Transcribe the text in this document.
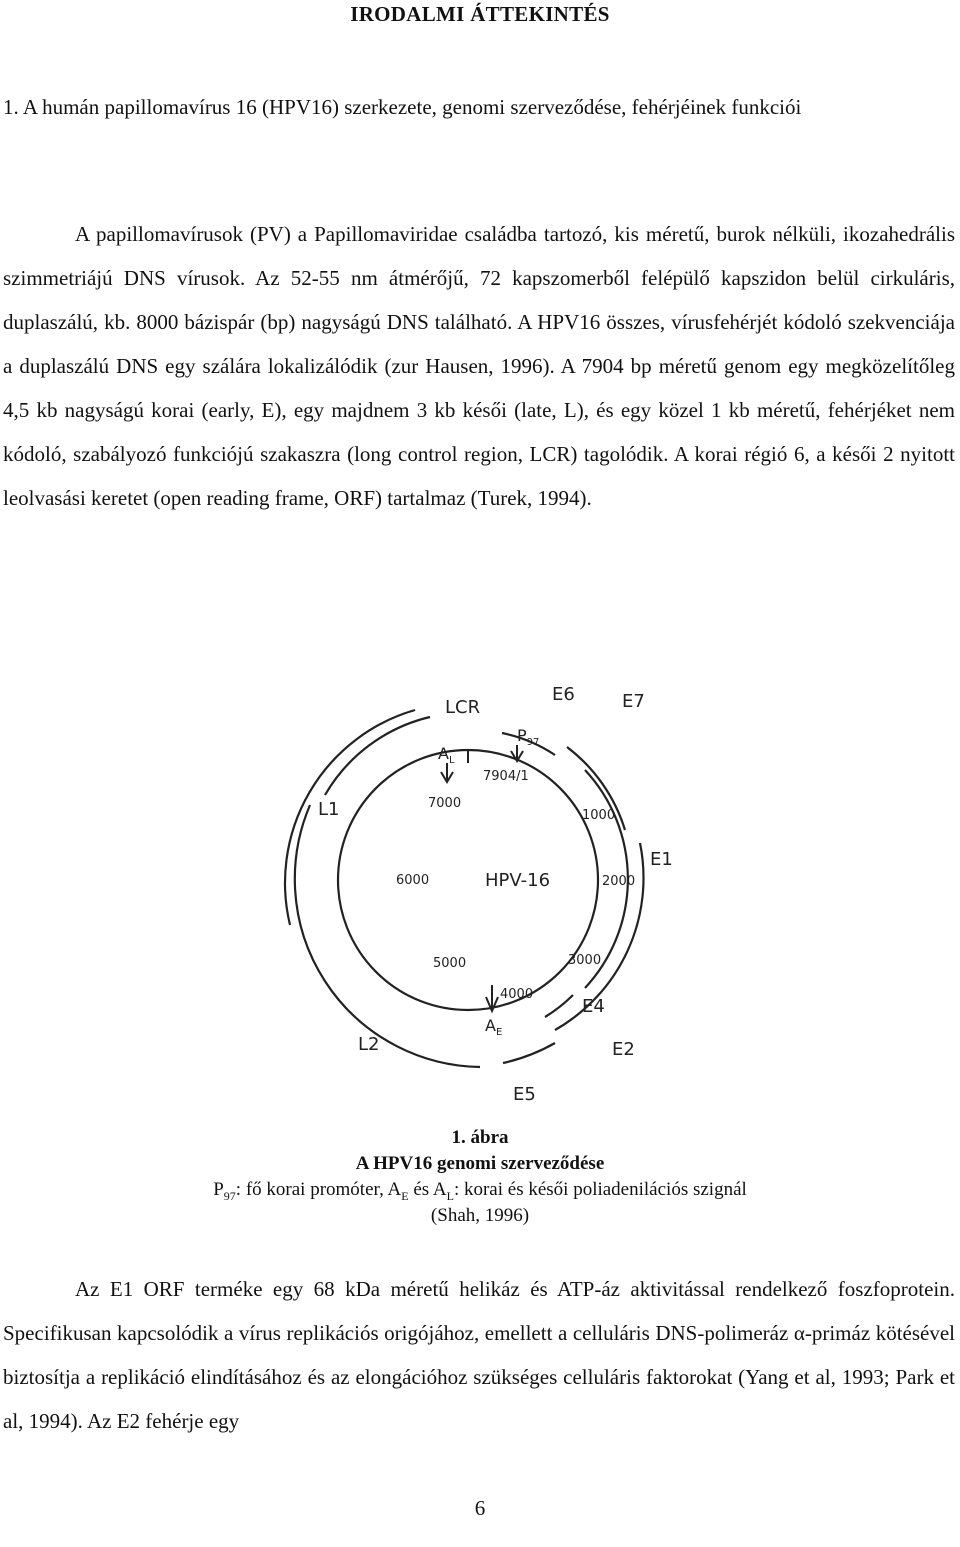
IRODALMI ÁTTEKINTÉS
1. A humán papillomavírus 16 (HPV16) szerkezete, genomi szerveződése, fehérjéinek funkciói

A papillomavírusok (PV) a Papillomaviridae családba tartozó, kis méretű, burok nélküli, ikozahedrális szimmetriájú DNS vírusok. Az 52-55 nm átmérőjű, 72 kapszomerből felépülő kapszidon belül cirkuláris, duplaszálú, kb. 8000 bázispár (bp) nagyságú DNS található. A HPV16 összes, vírusfehérjét kódoló szekvenciája a duplaszálú DNS egy szálára lokalizálódik (zur Hausen, 1996). A 7904 bp méretű genom egy megközelítőleg 4,5 kb nagyságú korai (early, E), egy majdnem 3 kb késői (late, L), és egy közel 1 kb méretű, fehérjéket nem kódoló, szabályozó funkciójú szakaszra (long control region, LCR) tagolódik. A korai régió 6, a késői 2 nyitott leolvasási keretet (open reading frame, ORF) tartalmaz (Turek, 1994).

LCR
E6	E7
E1
E4
E2
E5
L2
L1
$P_{97}$
$A_L$
$A_E$
7904/1
1000
2000
3000
4000
5000
6000
7000
HPV-16
1. ábra
A HPV16 genomi szerveződése
$P_{97}$: fő korai promóter, $A_E$ és $A_L$: korai és késői poliadenilációs szignál
(Shah, 1996)

Az E1 ORF terméke egy 68 kDa méretű helikáz és ATP-áz aktivitással rendelkező foszfoprotein. Specifikusan kapcsolódik a vírus replikációs origójához, emellett a celluláris DNS-polimeráz α-primáz kötésével biztosítja a replikáció elindításához és az elongációhoz szükséges celluláris faktorokat (Yang et al, 1993; Park et al, 1994). Az E2 fehérje egy

6
